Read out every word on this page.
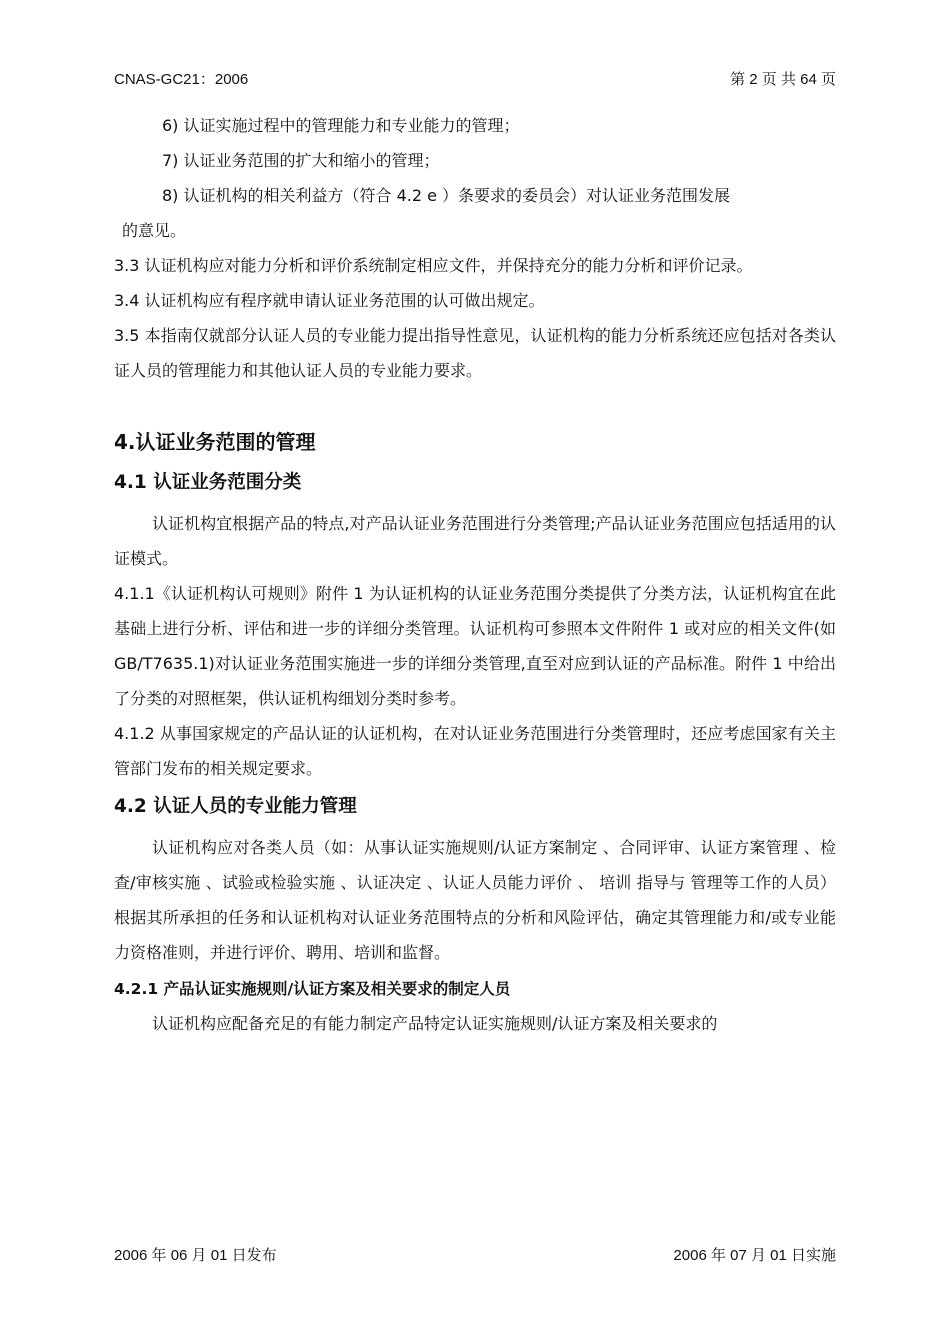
CNAS-GC21：2006	第 2 页 共 64 页

6) 认证实施过程中的管理能力和专业能力的管理；

7) 认证业务范围的扩大和缩小的管理；

8) 认证机构的相关利益方（符合 4.2 e ）条要求的委员会）对认证业务范围发展

的意见。

3.3 认证机构应对能力分析和评价系统制定相应文件，并保持充分的能力分析和评价记录。

3.4 认证机构应有程序就申请认证业务范围的认可做出规定。

3.5 本指南仅就部分认证人员的专业能力提出指导性意见，认证机构的能力分析系统还应包括对各类认证人员的管理能力和其他认证人员的专业能力要求。

4.认证业务范围的管理
4.1 认证业务范围分类

认证机构宜根据产品的特点,对产品认证业务范围进行分类管理;产品认证业务范围应包括适用的认证模式。

4.1.1《认证机构认可规则》附件 1 为认证机构的认证业务范围分类提供了分类方法，认证机构宜在此基础上进行分析、评估和进一步的详细分类管理。认证机构可参照本文件附件 1 或对应的相关文件(如 GB/T7635.1)对认证业务范围实施进一步的详细分类管理,直至对应到认证的产品标准。附件 1 中给出了分类的对照框架，供认证机构细划分类时参考。

4.1.2 从事国家规定的产品认证的认证机构，在对认证业务范围进行分类管理时，还应考虑国家有关主管部门发布的相关规定要求。

4.2 认证人员的专业能力管理

认证机构应对各类人员（如：从事认证实施规则/认证方案制定 、合同评审、认证方案管理 、检查/审核实施 、试验或检验实施 、认证决定 、认证人员能力评价 、 培训 指导与 管理等工作的人员）根据其所承担的任务和认证机构对认证业务范围特点的分析和风险评估，确定其管理能力和/或专业能力资格准则，并进行评价、聘用、培训和监督。

4.2.1 产品认证实施规则/认证方案及相关要求的制定人员

认证机构应配备充足的有能力制定产品特定认证实施规则/认证方案及相关要求的

2006 年 06 月 01 日发布	2006 年 07 月 01 日实施
